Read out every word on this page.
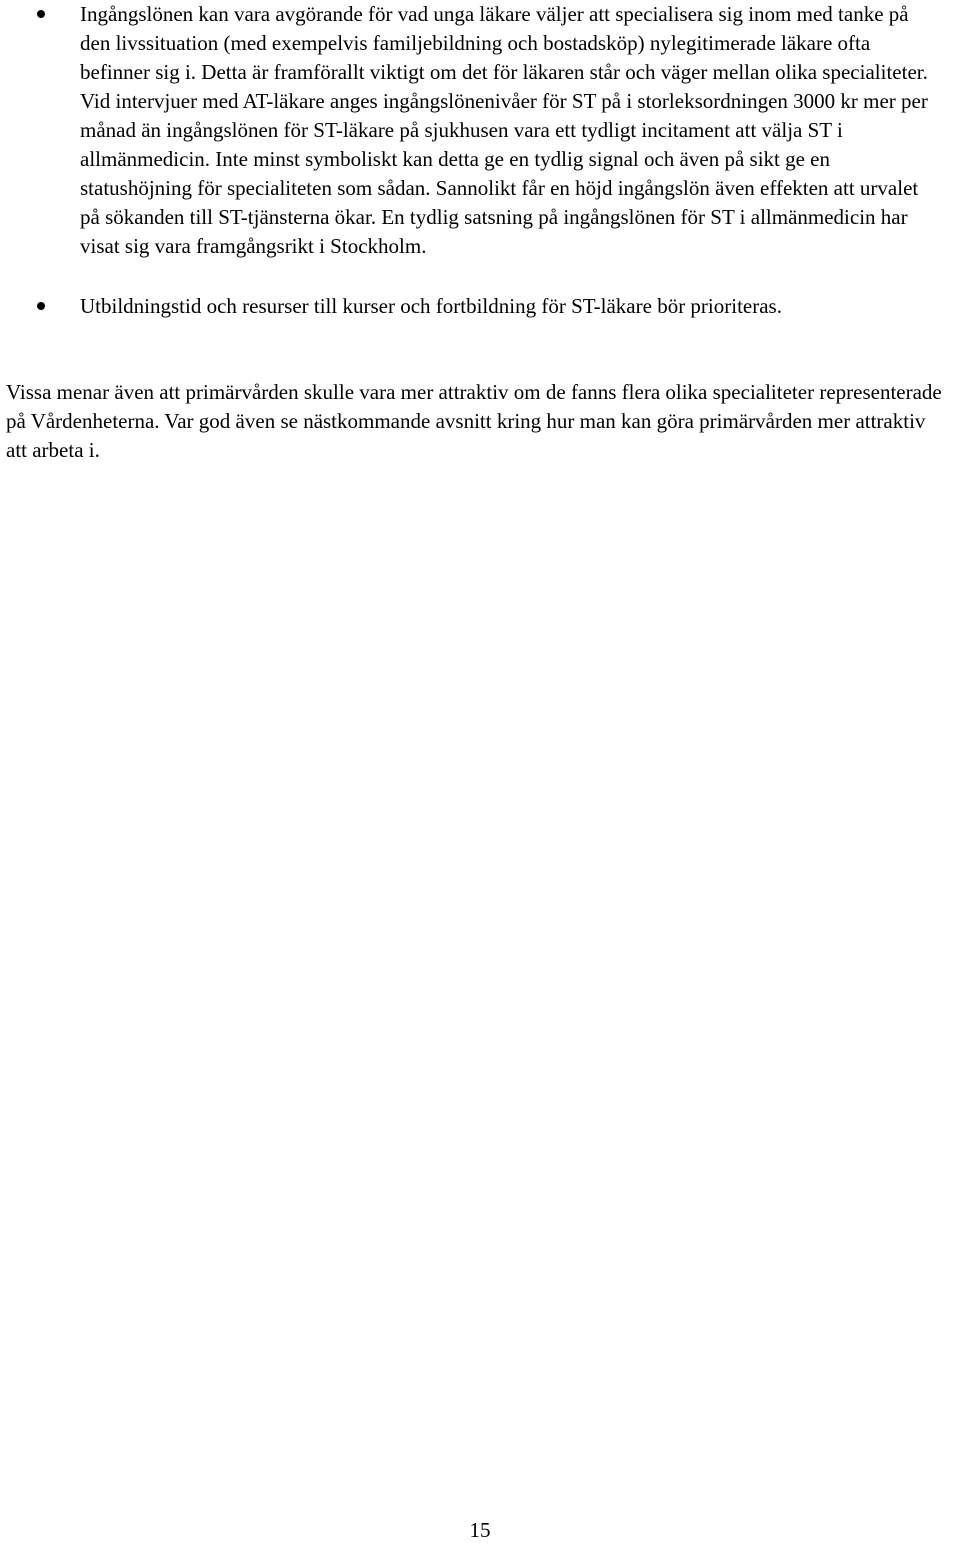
Ingångslönen kan vara avgörande för vad unga läkare väljer att specialisera sig inom med tanke på den livssituation (med exempelvis familjebildning och bostadsköp) nylegitimerade läkare ofta befinner sig i. Detta är framförallt viktigt om det för läkaren står och väger mellan olika specialiteter. Vid intervjuer med AT-läkare anges ingångslönenivåer för ST på i storleksordningen 3000 kr mer per månad än ingångslönen för ST-läkare på sjukhusen vara ett tydligt incitament att välja ST i allmänmedicin. Inte minst symboliskt kan detta ge en tydlig signal och även på sikt ge en statushöjning för specialiteten som sådan. Sannolikt får en höjd ingångslön även effekten att urvalet på sökanden till ST-tjänsterna ökar. En tydlig satsning på ingångslönen för ST i allmänmedicin har visat sig vara framgångsrikt i Stockholm.
Utbildningstid och resurser till kurser och fortbildning för ST-läkare bör prioriteras.

Vissa menar även att primärvården skulle vara mer attraktiv om de fanns flera olika specialiteter representerade på Vårdenheterna. Var god även se nästkommande avsnitt kring hur man kan göra primärvården mer attraktiv att arbeta i.

15
